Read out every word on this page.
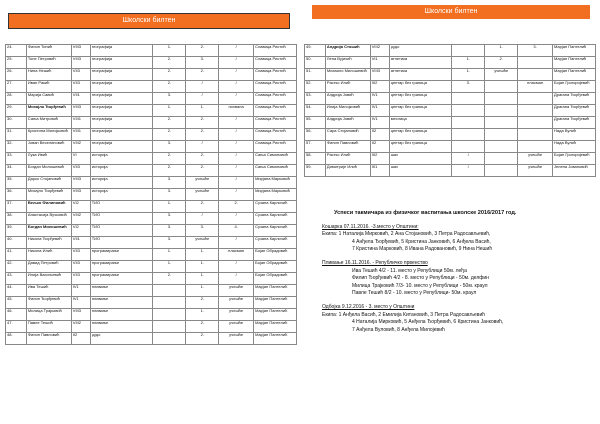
Школски билтен
Школски билтен
24.	Филип Тинић	VIII3	географија	1.	2.	/	Славица Ристић
25.	Тоне Петровић	VIII3	географија	2.	3.	/	Славица Ристић
26.	Нина Нешић	VII3	географија	2.	2.	/	Славица Ристић
27.	Иван Ракић	VII3	географија	2.	/	/	Славица Ристић
28.	Марија Савић	VII1	географија	3.	/	/	Славица Ристић
29.	Михајло Ђорђевић	VIII3	географија	1.	1.	похвала	Славица Ристић
30.	Сања Митровић	VIII1	географија	2.	2.	/	Славица Ристић
31.	Кристина Милојковић	VIII1	географија	2.	2.	/	Славица Ристић
32.	Јован Веселиновић	VIII2	географија	3.	/	/	Славица Ристић
33.	Лука Ивић	VI	историја	2.	2.	/	Сања Симоновић
34.	Богдан Милошевић	VII3	историја	2.	2.	/	Сања Симоновић
35.	Дарко Стојановић	VIII3	историја	3.	учешће	/	Мирјана Марковић
36.	Михајло Ђорђевић	VIII3	историја	3.	учешће	/	Мирјана Марковић
37.	Вељко Филиповић	VI2	ТИО	1.	2.	2.	Сузана Карличић
38.	Анастасија Вучковић	VIII2	ТИО	3.	/	/	Сузана Карличић
39.	Богдан Милошевић	VI2	ТИО	3.	3.	4.	Сузана Карличић
40.	Никола Ђорђевић	VII1	ТИО	3.	учешће	/	Сузана Карличић
41.	Никола Илић	VII3	програмирање	1.	1.	пласман	Бојан Обрадовић
42.	Давид Петровић	VII3	програмирање	1.	1.	/	Бојан Обрадовић
43.	Илија Васиљевић	VII3	програмирање	2.	1.	/	Бојан Обрадовић
44.	Ива Тешић	IV1	пливање		1.	учешће	Марјан Пантелић
45.	Филип Ђорђевић	IV1	пливање		2.	учешће	Марјан Пантелић
46.	Милица Трајковић	VIII3	пливање		1.	учешће	Марјан Пантелић
47.	Павле Тешић	VIII2	пливање		2.	учешће	Марјан Пантелић
48.	Филип Павловић	II2	џудо		2.	учешће	Марјан Пантелић
49.	Андрија Стошић	VIII2	џудо		1.	3.	Марјан Пантелић
50.	Лена Вујичић	VI1	атлетика	1.	2.		Марјан Пантелић
51.	Михаило Милошевић	VIII3	атлетика	1.	учешће		Марјан Пантелић
52.	Растко Илић	III2	центар без граница	3.		пласман	Бојан Григоријевић
53.	Андрија Јовић	IV1	центар без граница				Драгана Ђорђевић
54.	Илија Милојковић	IV1	центар без граница				Драгана Ђорђевић
55.	Андрија Јовић	IV1	меслица				Драгана Ђорђевић
56.	Сара Стојановић	II2	центар без граница				Нада Вулић
57.	Филип Павловић	II2	центар без граница				Нада Вулић
58.	Растко Илић	III2	шах	/		учешће	Бојан Григоријевић
59.	Димитрије Илић	III1	шах	/		учешће	Јелена Јовановић
Успеси такмичара из физичког васпитања школске 2016/2017 год.
Кошарка 07.11.2016. -3.место у Општини:
Екипа: 1 Наталија Мирковић, 2 Ана Стојановић, 3 Петра Радосављевић,
4 Анђела Ђорђевић, 5 Кристина Јанковић, 6 Анђела Васић,
7 Кристина Марковић, 8 Ивана Радовановић, 9 Нина Нешић
Пливање 16.11.2016. - Републичко првенство
Ива Тешић 4/2 - 11. место у Републици 50м. леђа
Филип Ђорђевић 4/2 - 8. место у Републици - 50м. делфин
Милица Трајковић 7/3- 10. место у Републици - 50м. краул
Павле Тешић 8/2 - 10. место у Републици- 50м. краул
Одбојка 9.12.2016 - 3. место у Општини
Екипа: 1 Анђела Васић, 2 Емилија Китановић, 3 Петра Радосављевић
4 Наталија Мирковић, 5 Анђела Ђорђевић, 6 Кристина Јанковић,
7 Анђела Вуловић, 8 Анђела Милојевић
